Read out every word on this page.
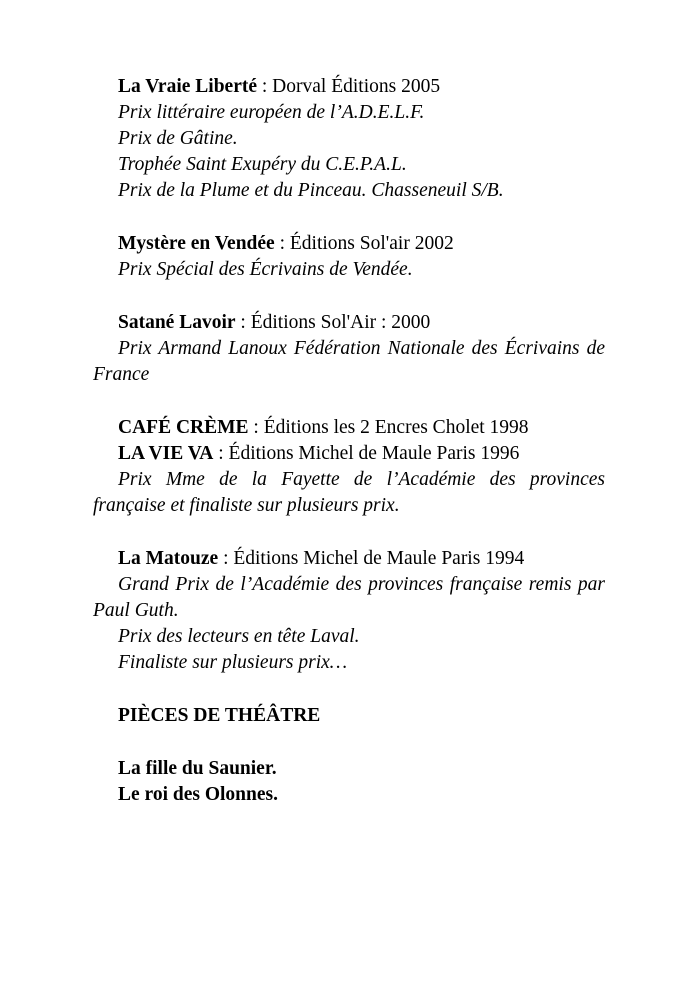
La Vraie Liberté : Dorval Éditions 2005
Prix littéraire européen de l’A.D.E.L.F.
Prix de Gâtine.
Trophée Saint Exupéry du C.E.P.A.L.
Prix de la Plume et du Pinceau. Chasseneuil S/B.
Mystère en Vendée : Éditions Sol'air 2002
Prix Spécial des Écrivains de Vendée.
Satané Lavoir : Éditions Sol'Air : 2000
Prix Armand Lanoux Fédération Nationale des Écrivains de France
CAFÉ CRÈME : Éditions les 2 Encres Cholet 1998
LA VIE VA : Éditions Michel de Maule Paris 1996
Prix Mme de la Fayette de l’Académie des provinces française et finaliste sur plusieurs prix.
La Matouze : Éditions Michel de Maule Paris 1994
Grand Prix de l’Académie des provinces française remis par Paul Guth.
Prix des lecteurs en tête Laval.
Finaliste sur plusieurs prix…
PIÈCES DE THÉÂTRE
La fille du Saunier.
Le roi des Olonnes.
